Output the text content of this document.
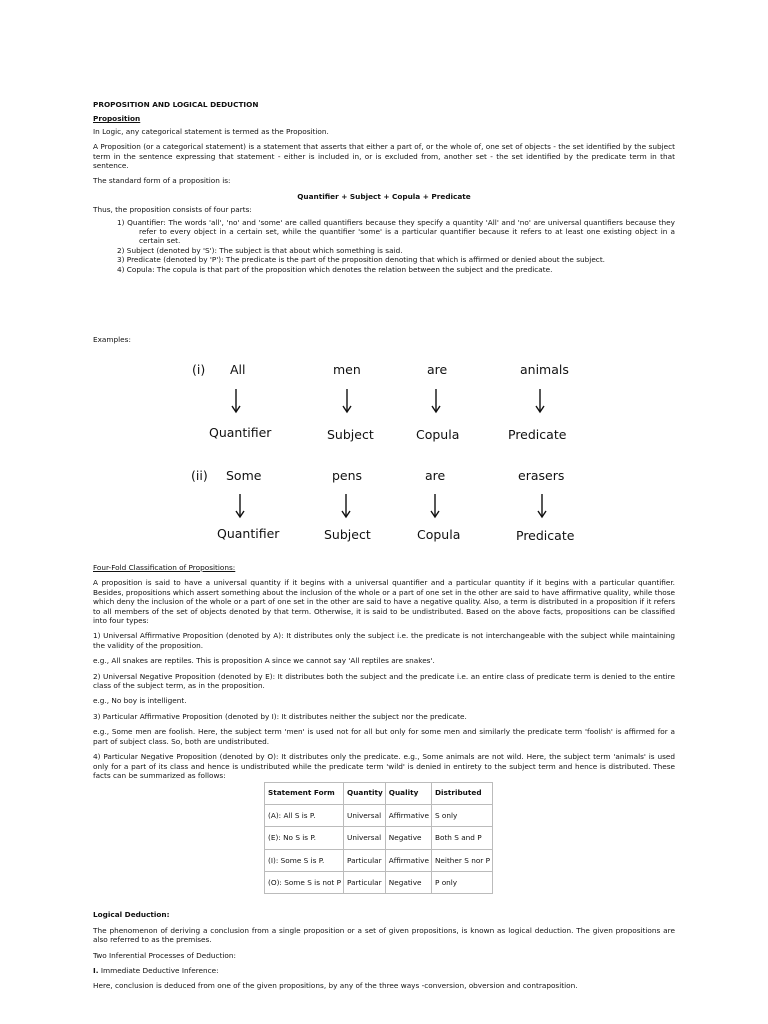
PROPOSITION AND LOGICAL DEDUCTION

Proposition

In Logic, any categorical statement is termed as the Proposition.

A Proposition (or a categorical statement) is a statement that asserts that either a part of, or the whole of, one set of objects - the set identified by the subject term in the sentence expressing that statement - either is included in, or is excluded from, another set - the set identified by the predicate term in that sentence.

The standard form of a proposition is:

Quantifier + Subject + Copula + Predicate

Thus, the proposition consists of four parts:

1) Quantifier: The words 'all', 'no' and 'some' are called quantifiers because they specify a quantity 'All' and 'no' are universal quantifiers because they refer to every object in a certain set, while the quantifier 'some' is a particular quantifier because it refers to at least one existing object in a certain set.
2) Subject (denoted by 'S'): The subject is that about which something is said.
3) Predicate (denoted by 'P'): The predicate is the part of the proposition denoting that which is affirmed or denied about the subject.
4) Copula: The copula is that part of the proposition which denotes the relation between the subject and the predicate.
Examples:
(i) All	men	are	animals
Quantifier	Subject	Copula	Predicate
(ii) Some	pens	are	erasers
Quantifier	Subject	Copula	Predicate

Four-Fold Classification of Propositions:

A proposition is said to have a universal quantity if it begins with a universal quantifier and a particular quantity if it begins with a particular quantifier. Besides, propositions which assert something about the inclusion of the whole or a part of one set in the other are said to have affirmative quality, while those which deny the inclusion of the whole or a part of one set in the other are said to have a negative quality. Also, a term is distributed in a proposition if it refers to all members of the set of objects denoted by that term. Otherwise, it is said to be undistributed. Based on the above facts, propositions can be classified into four types:

1) Universal Affirmative Proposition (denoted by A): It distributes only the subject i.e. the predicate is not interchangeable with the subject while maintaining the validity of the proposition.

e.g., All snakes are reptiles. This is proposition A since we cannot say 'All reptiles are snakes'.

2) Universal Negative Proposition (denoted by E): It distributes both the subject and the predicate i.e. an entire class of predicate term is denied to the entire class of the subject term, as in the proposition.

e.g., No boy is intelligent.

3) Particular Affirmative Proposition (denoted by I): It distributes neither the subject nor the predicate.

e.g., Some men are foolish. Here, the subject term 'men' is used not for all but only for some men and similarly the predicate term 'foolish' is affirmed for a part of subject class. So, both are undistributed.

4) Particular Negative Proposition (denoted by O): It distributes only the predicate. e.g., Some animals are not wild. Here, the subject term 'animals' is used only for a part of its class and hence is undistributed while the predicate term 'wild' is denied in entirety to the subject term and hence is distributed. These facts can be summarized as follows:

Statement Form	Quantity	Quality	Distributed
(A): All S is P.	Universal	Affirmative	S only
(E): No S is P.	Universal	Negative	Both S and P
(I): Some S is P.	Particular	Affirmative	Neither S nor P
(O): Some S is not P	Particular	Negative	P only

Logical Deduction:

The phenomenon of deriving a conclusion from a single proposition or a set of given propositions, is known as logical deduction. The given propositions are also referred to as the premises.

Two Inferential Processes of Deduction:

I. Immediate Deductive Inference:

Here, conclusion is deduced from one of the given propositions, by any of the three ways -conversion, obversion and contraposition.
